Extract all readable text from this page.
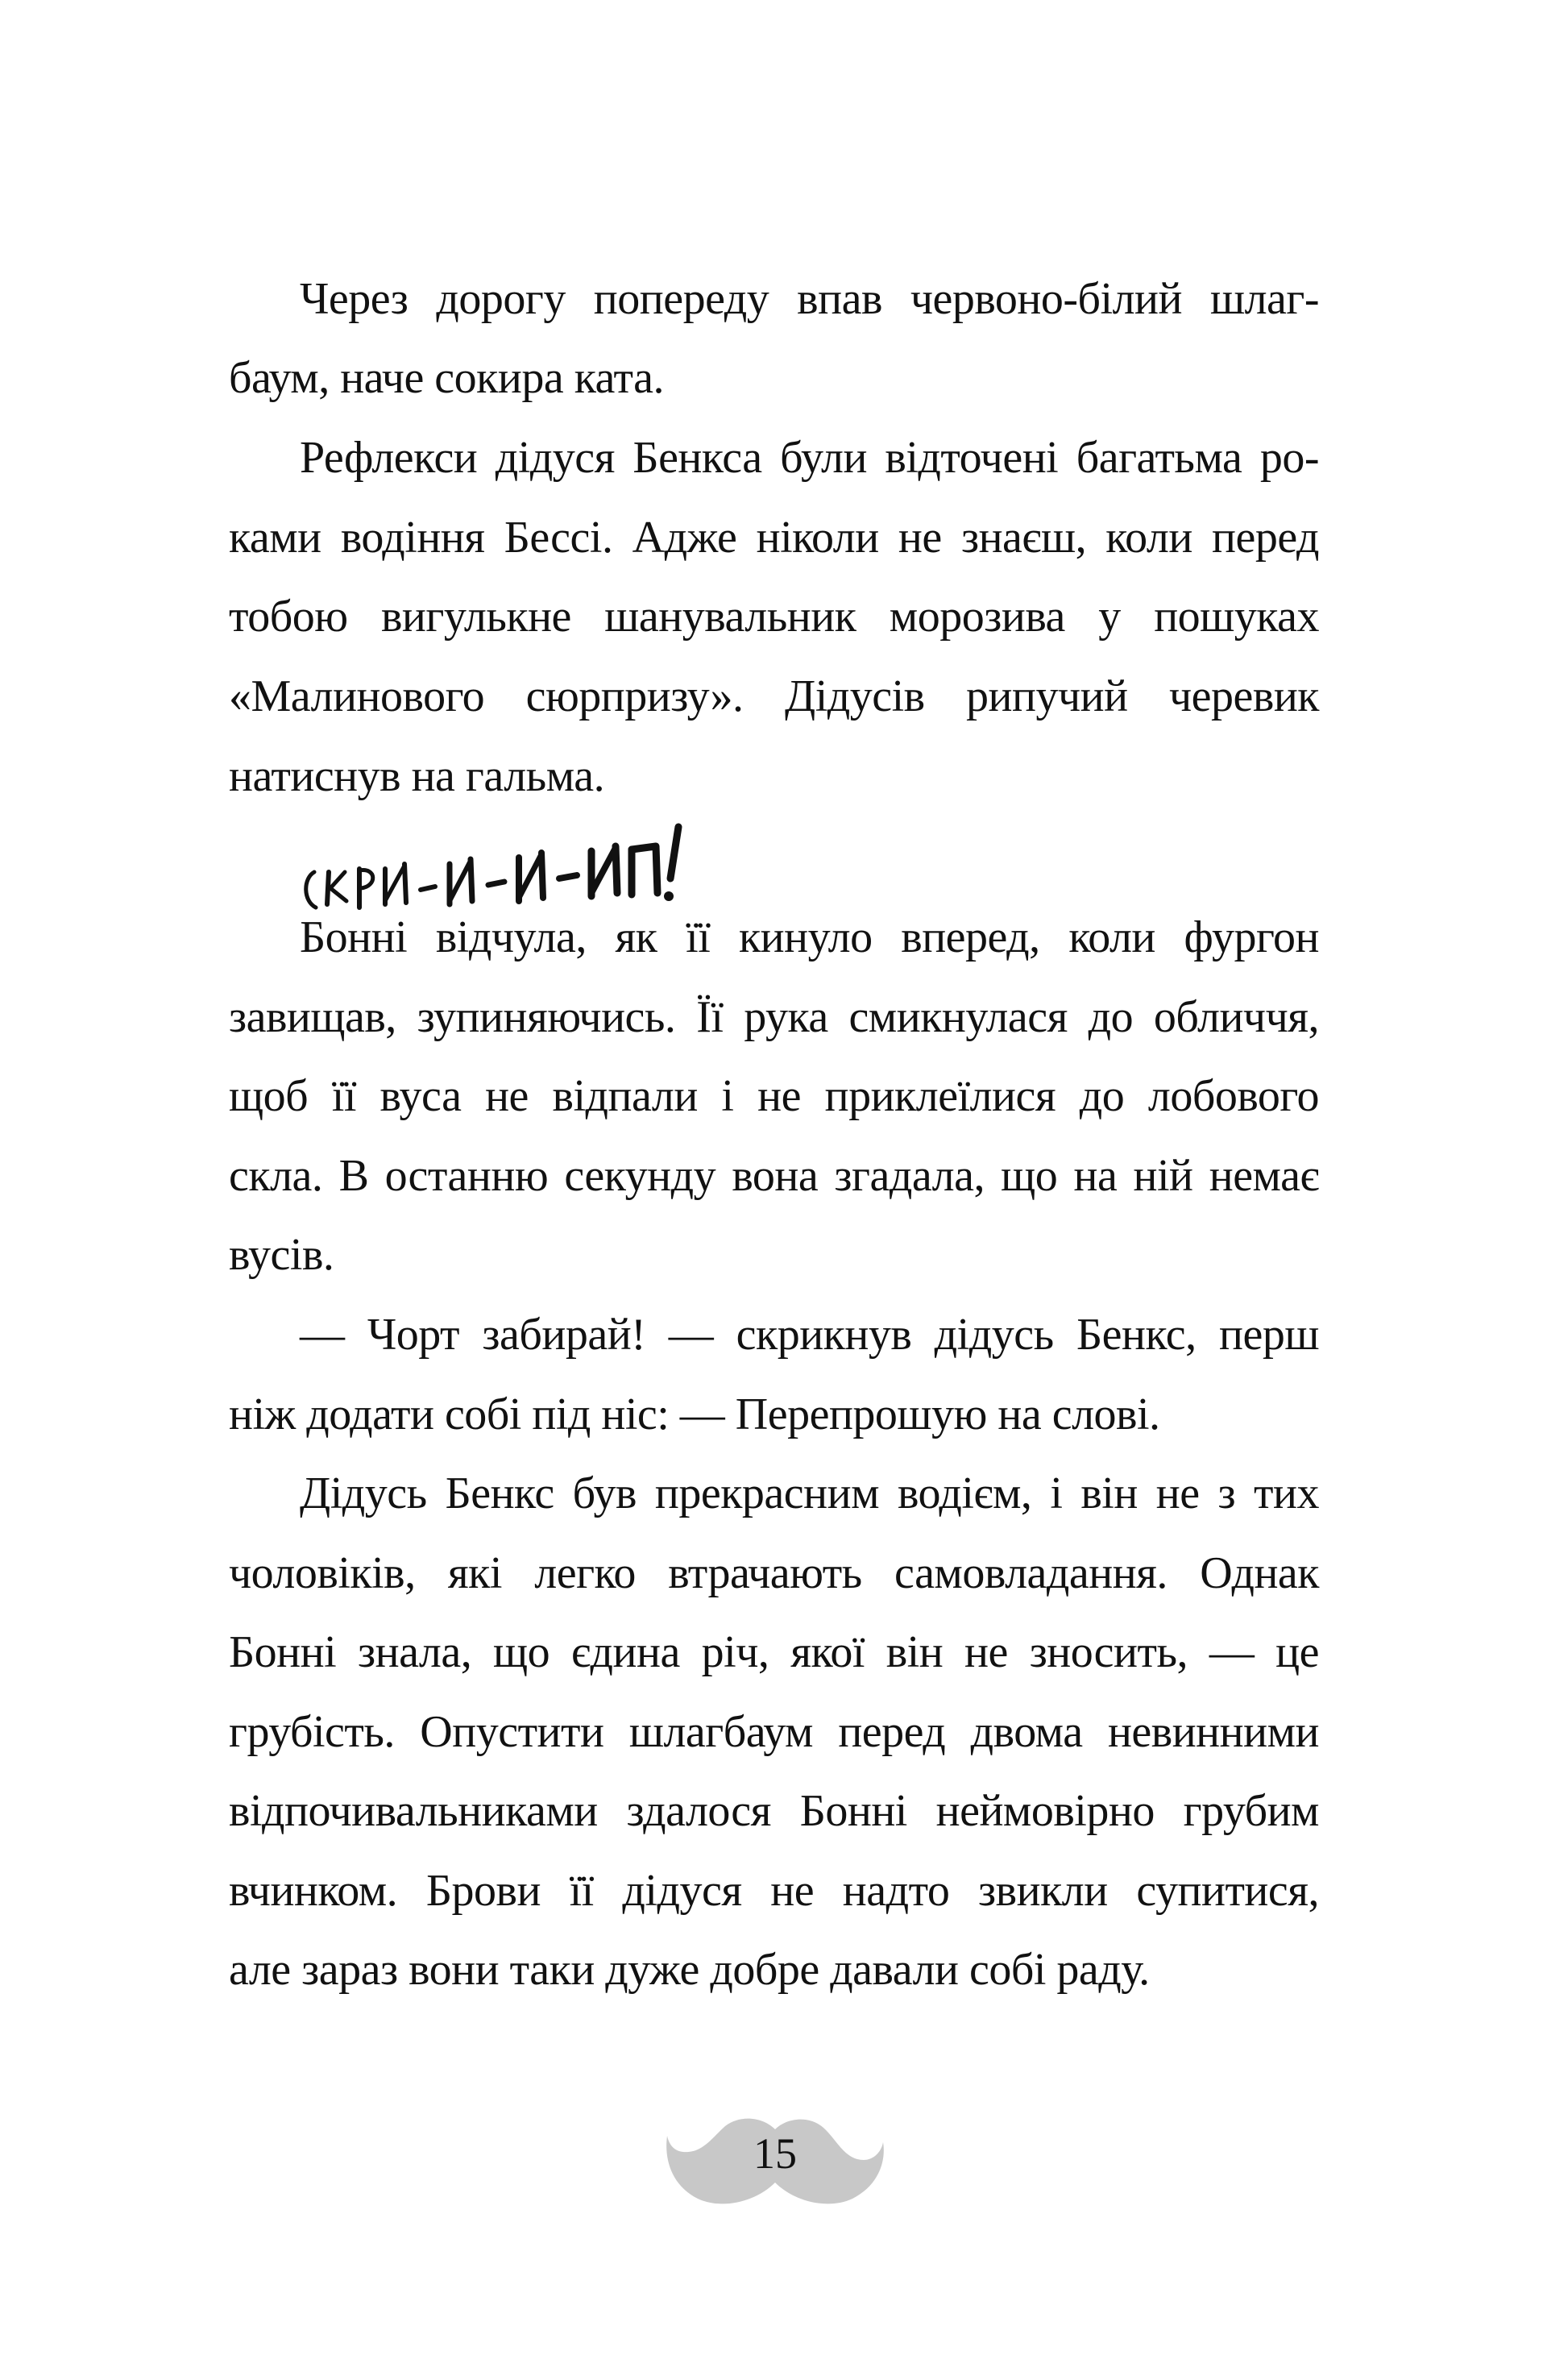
Через дорогу попереду впав червоно-білий шлаг-
баум, наче сокира ката.
Рефлекси дідуся Бенкса були відточені багатьма ро-
ками водіння Бессі. Адже ніколи не знаєш, коли перед
тобою вигулькне шанувальник морозива у пошуках
«Малинового сюрпризу». Дідусів рипучий черевик
натиснув на гальма.
Бонні відчула, як її кинуло вперед, коли фургон
завищав, зупиняючись. Її рука смикнулася до обличчя,
щоб її вуса не відпали і не приклеїлися до лобового
скла. В останню секунду вона згадала, що на ній немає
вусів.
— Чорт забирай! — скрикнув дідусь Бенкс, перш
ніж додати собі під ніс: — Перепрошую на слові.
Дідусь Бенкс був прекрасним водієм, і він не з тих
чоловіків, які легко втрачають самовладання. Однак
Бонні знала, що єдина річ, якої він не зносить, — це
грубість. Опустити шлагбаум перед двома невинними
відпочивальниками здалося Бонні неймовірно грубим
вчинком. Брови її дідуся не надто звикли супитися,
але зараз вони таки дуже добре давали собі раду.
15
